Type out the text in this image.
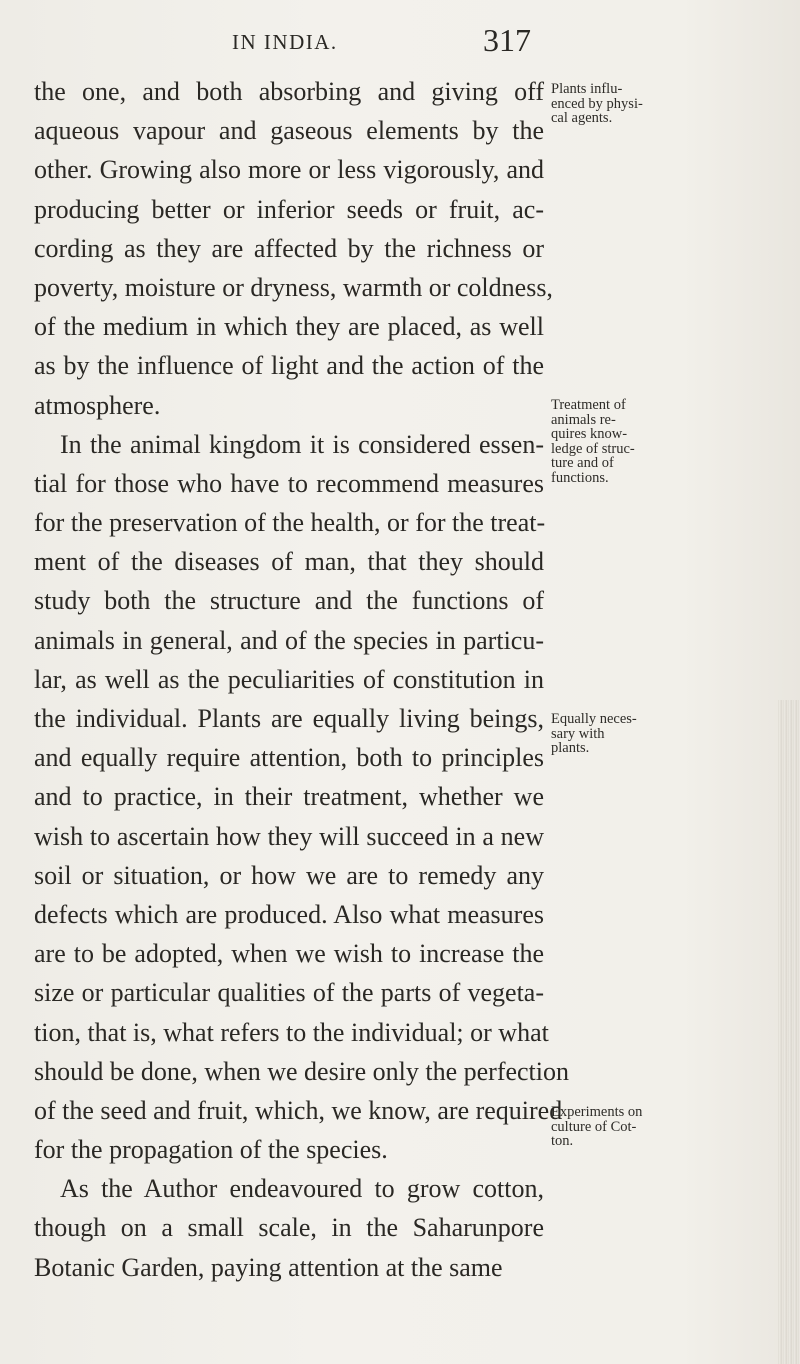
IN INDIA.	317
the one, and both absorbing and giving off
aqueous vapour and gaseous elements by the
other. Growing also more or less vigorously, and
producing better or inferior seeds or fruit, ac-
cording as they are affected by the richness or
poverty, moisture or dryness, warmth or coldness,
of the medium in which they are placed, as well
as by the influence of light and the action of the
atmosphere.
In the animal kingdom it is considered essen-
tial for those who have to recommend measures
for the preservation of the health, or for the treat-
ment of the diseases of man, that they should
study both the structure and the functions of
animals in general, and of the species in particu-
lar, as well as the peculiarities of constitution in
the individual. Plants are equally living beings,
and equally require attention, both to principles
and to practice, in their treatment, whether we
wish to ascertain how they will succeed in a new
soil or situation, or how we are to remedy any
defects which are produced. Also what measures
are to be adopted, when we wish to increase the
size or particular qualities of the parts of vegeta-
tion, that is, what refers to the individual; or what
should be done, when we desire only the perfection
of the seed and fruit, which, we know, are required
for the propagation of the species.
As the Author endeavoured to grow cotton,
though on a small scale, in the Saharunpore
Botanic Garden, paying attention at the same
Plants influ-
enced by physi-
cal agents.
Treatment of
animals re-
quires know-
ledge of struc-
ture and of
functions.
Equally neces-
sary with
plants.
Experiments on
culture of Cot-
ton.
